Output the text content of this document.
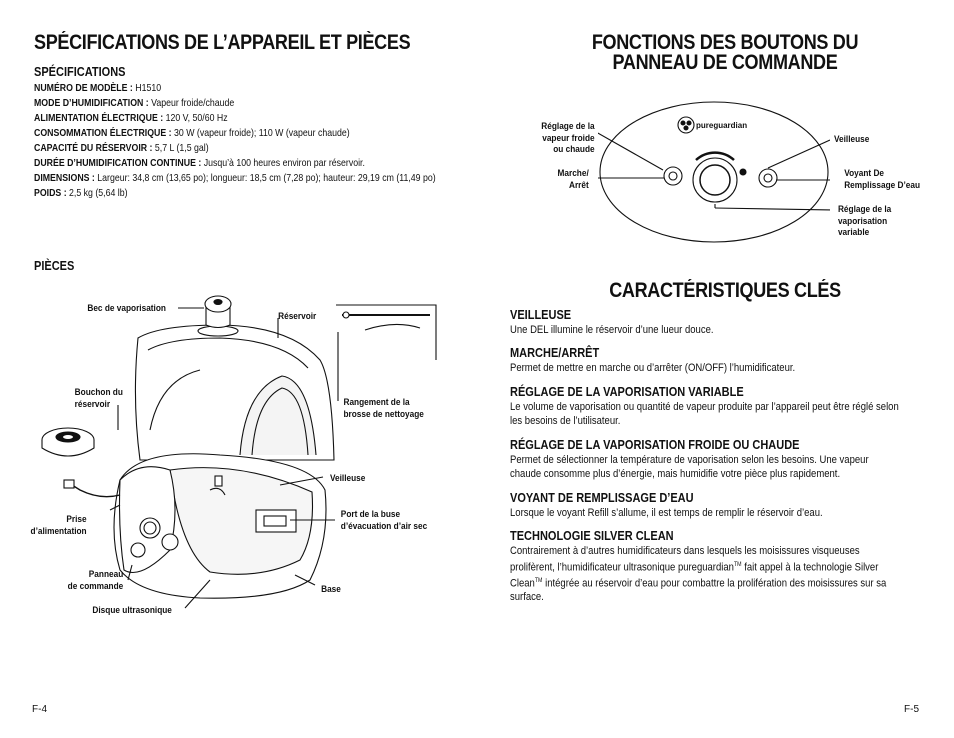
SPÉCIFICATIONS DE L’APPAREIL ET PIÈCES
SPÉCIFICATIONS
NUMÉRO DE MODÈLE : H1510
MODE D’HUMIDIFICATION : Vapeur froide/chaude
ALIMENTATION ÉLECTRIQUE : 120 V, 50/60 Hz
CONSOMMATION ÉLECTRIQUE : 30 W (vapeur froide); 110 W (vapeur chaude)
CAPACITÉ DU RÉSERVOIR : 5,7 L (1,5 gal)
DURÉE D’HUMIDIFICATION CONTINUE : Jusqu’à 100 heures environ par réservoir.
DIMENSIONS : Largeur: 34,8 cm (13,65 po); longueur: 18,5 cm (7,28 po); hauteur: 29,19 cm (11,49 po)
POIDS : 2,5 kg (5,64 lb)
PIÈCES
Bec de vaporisation
Réservoir
Bouchon du
réservoir	Rangement de la
brosse de nettoyage
Veilleuse
Port de la buse
d’évacuation d’air sec
Prise
d’alimentation
Panneau
de commande	Base
Disque ultrasonique
F-4
FONCTIONS DES BOUTONS DU
PANNEAU DE COMMANDE
pureguardian
Réglage de la
vapeur froide
ou chaude
Marche/
Arrêt
Veilleuse
Voyant De
Remplissage D’eau
Réglage de la
vaporisation
variable
CARACTÉRISTIQUES CLÉS
VEILLEUSE

Une DEL illumine le réservoir d’une lueur douce.

MARCHE/ARRÊT

Permet de mettre en marche ou d’arrêter (ON/OFF) l’humidificateur.

RÉGLAGE DE LA VAPORISATION VARIABLE

Le volume de vaporisation ou quantité de vapeur produite par l’appareil peut être réglé selon les besoins de l’utilisateur.

RÉGLAGE DE LA VAPORISATION FROIDE OU CHAUDE

Permet de sélectionner la température de vaporisation selon les besoins. Une vapeur chaude consomme plus d’énergie, mais humidifie votre pièce plus rapidement.

VOYANT DE REMPLISSAGE D’EAU

Lorsque le voyant Refill s’allume, il est temps de remplir le réservoir d’eau.

TECHNOLOGIE SILVER CLEAN

Contrairement à d’autres humidificateurs dans lesquels les moisissures visqueuses prolifèrent, l’humidificateur ultrasonique pureguardian™ fait appel à la technologie Silver Clean™ intégrée au réservoir d’eau pour combattre la prolifération des moisissures sur sa surface.

F-5
